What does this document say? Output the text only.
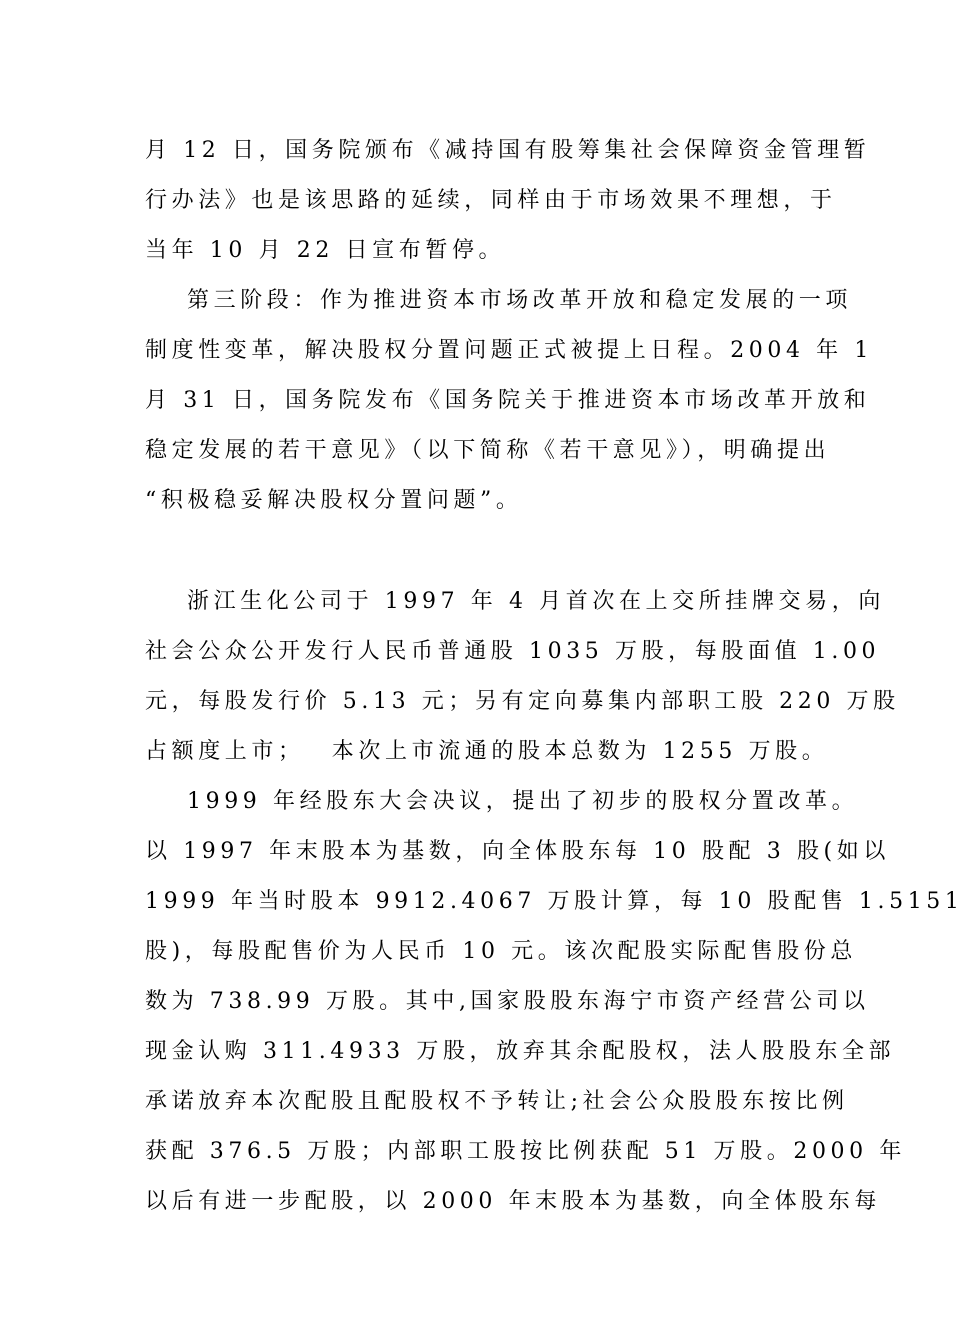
月 12 日，国务院颁布《减持国有股筹集社会保障资金管理暂
行办法》也是该思路的延续，同样由于市场效果不理想，于
当年 10 月 22 日宣布暂停。
第三阶段：作为推进资本市场改革开放和稳定发展的一项
制度性变革，解决股权分置问题正式被提上日程。2004 年 1
月 31 日，国务院发布《国务院关于推进资本市场改革开放和
稳定发展的若干意见》（以下简称《若干意见》），明确提出
“积极稳妥解决股权分置问题”。
浙江生化公司于 1997 年 4 月首次在上交所挂牌交易，向
社会公众公开发行人民币普通股 1035 万股，每股面值 1.00
元，每股发行价 5.13 元；另有定向募集内部职工股 220 万股
占额度上市；　 本次上市流通的股本总数为 1255 万股。
1999 年经股东大会决议，提出了初步的股权分置改革。
以 1997 年末股本为基数，向全体股东每 10 股配 3 股(如以
1999 年当时股本 9912.4067 万股计算，每 10 股配售 1.5151
股)，每股配售价为人民币 10 元。该次配股实际配售股份总
数为 738.99 万股。其中,国家股股东海宁市资产经营公司以
现金认购 311.4933 万股，放弃其余配股权，法人股股东全部
承诺放弃本次配股且配股权不予转让;社会公众股股东按比例
获配 376.5 万股；内部职工股按比例获配 51 万股。2000 年
以后有进一步配股，以 2000 年末股本为基数，向全体股东每
